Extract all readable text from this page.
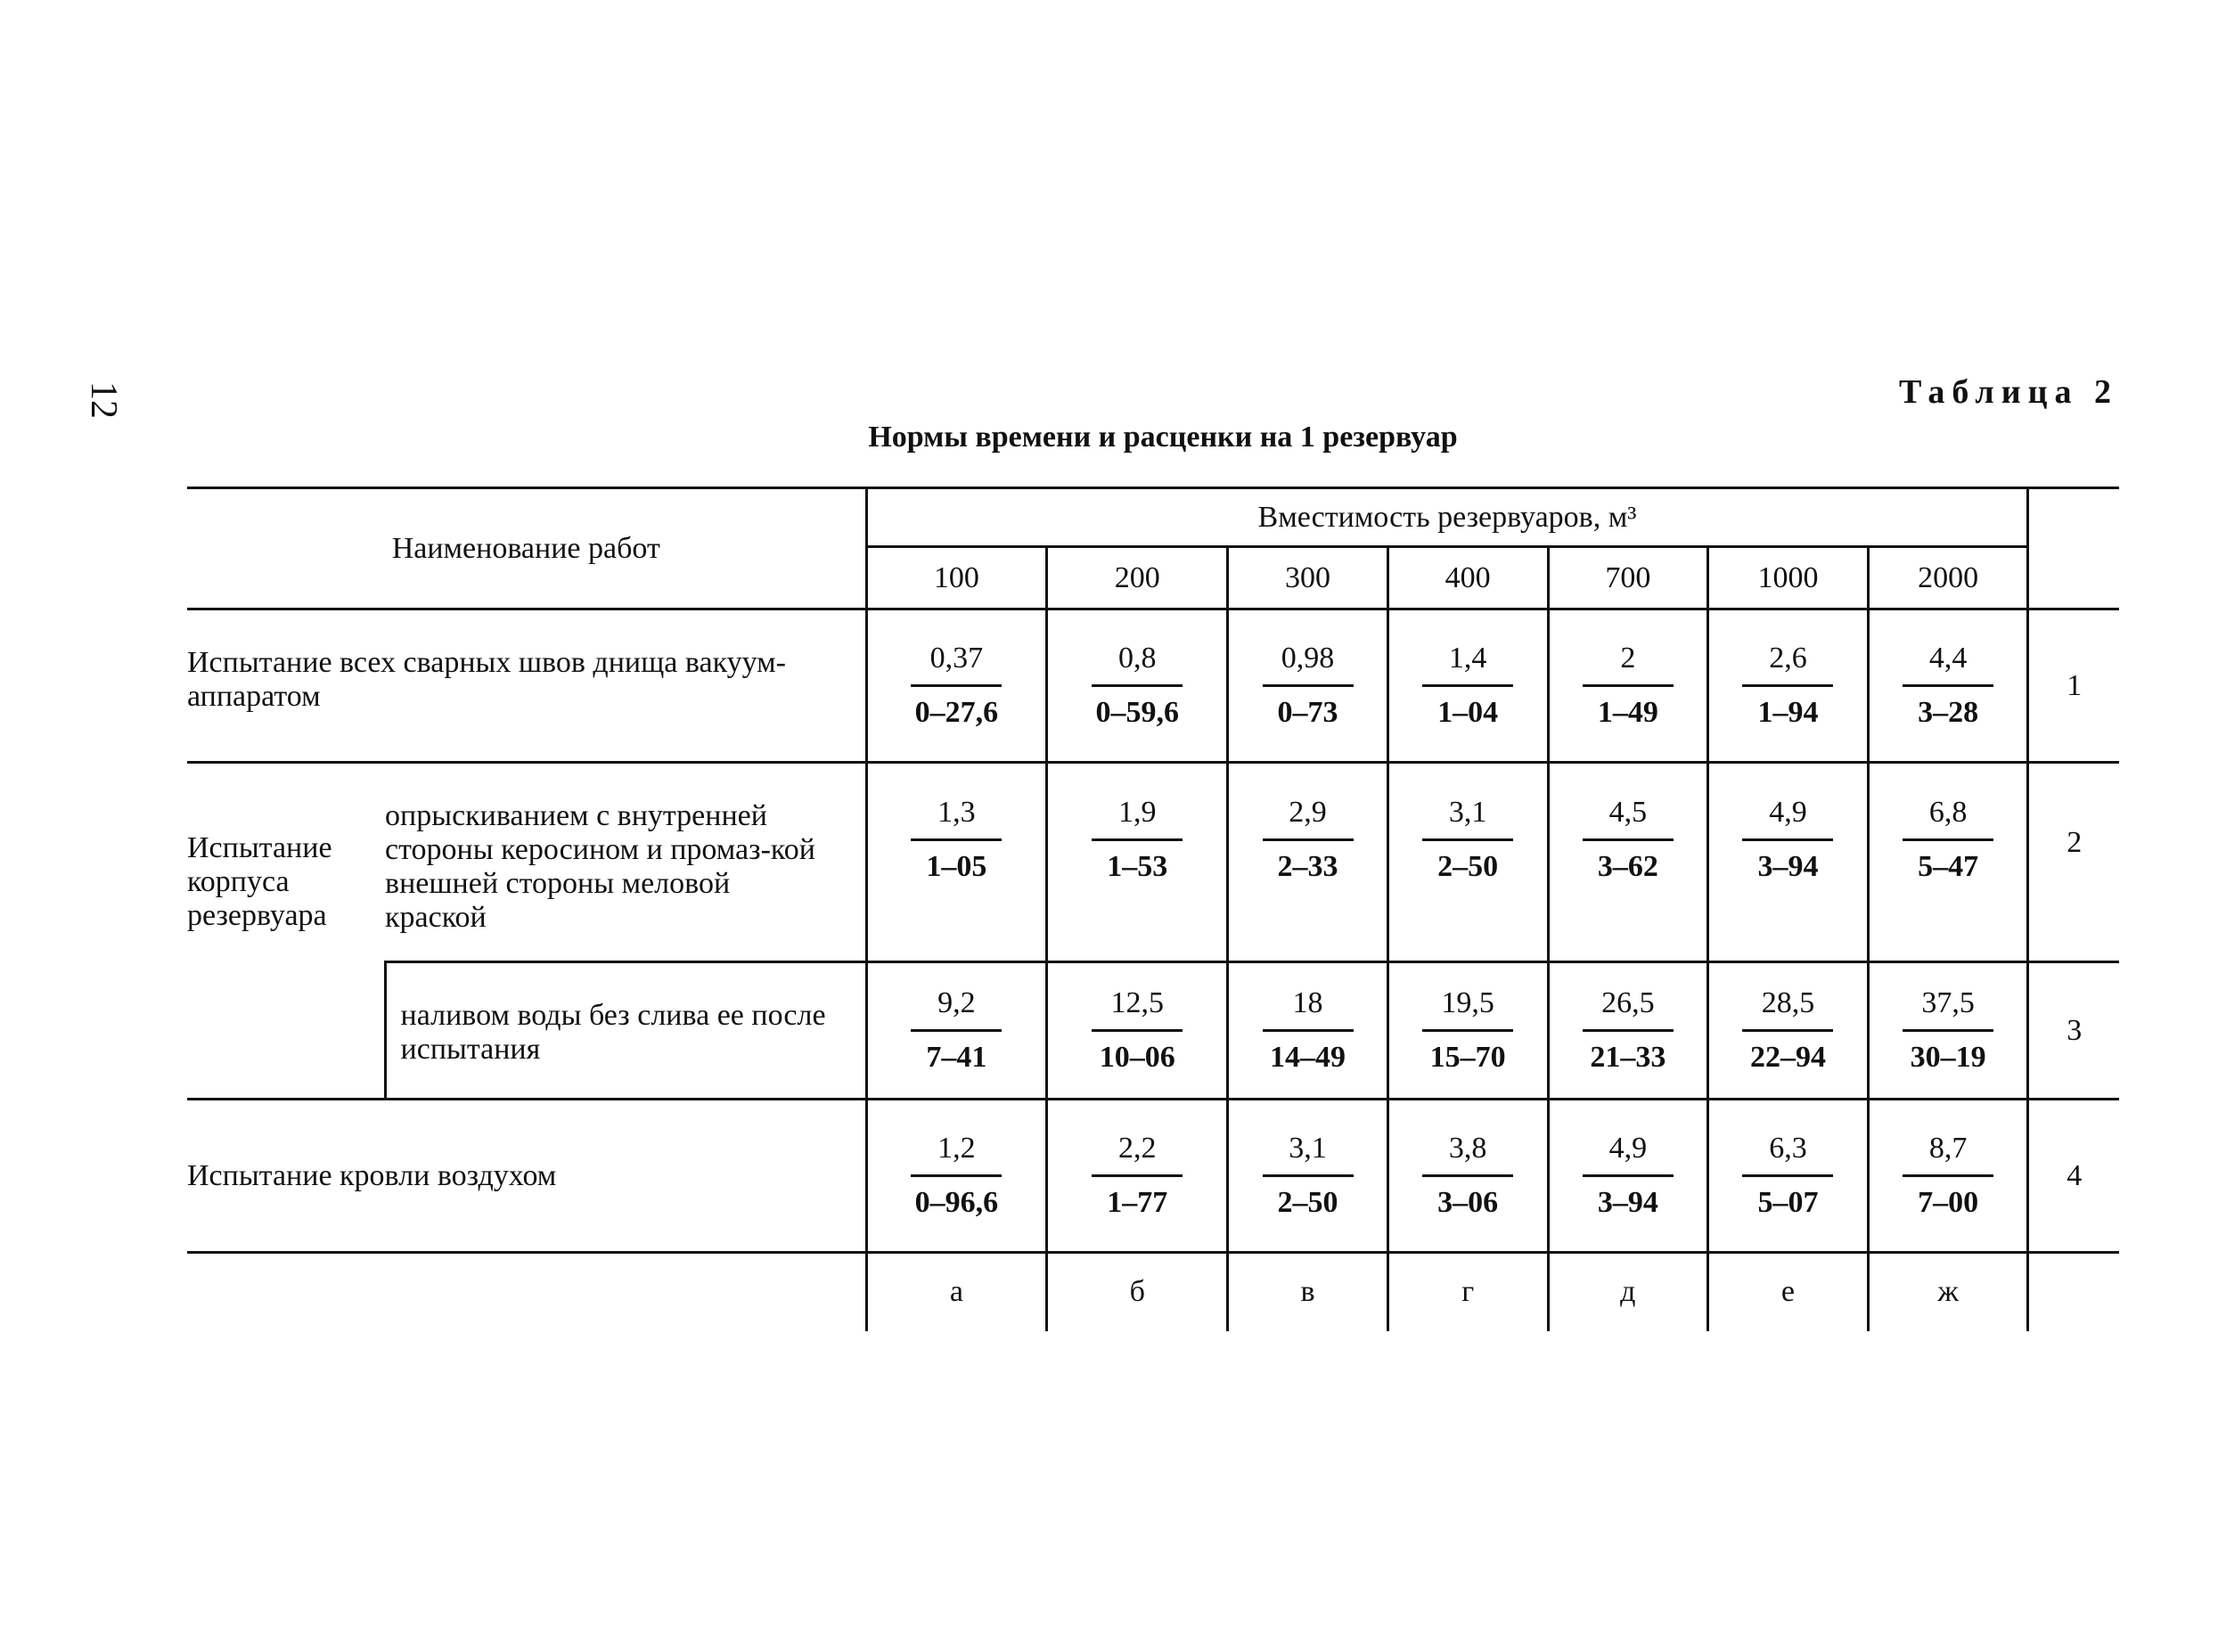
12	Таблица 2
Нормы времени и расценки на 1 резервуар
Наименование работ		Вместимость резервуаров, м³							
		100	200	300	400	700	1000	2000	
Испытание всех сварных швов днища вакуум-аппаратом		$\frac{0,37}{0-27,6}$	$\frac{0,8}{0-59,6}$	$\frac{0,98}{0-73}$	$\frac{1,4}{1-04}$	$\frac{2}{1-49}$	$\frac{2,6}{1-94}$	$\frac{4,4}{3-28}$	1
Испытание корпуса резервуара	опрыскиванием с внутренней стороны керосином и промаз-кой внешней стороны меловой краской	$\frac{1,3}{1-05}$	$\frac{1,9}{1-53}$	$\frac{2,9}{2-33}$	$\frac{3,1}{2-50}$	$\frac{4,5}{3-62}$	$\frac{4,9}{3-94}$	$\frac{6,8}{5-47}$	2
	наливом воды без слива ее после испытания	$\frac{9,2}{7-41}$	$\frac{12,5}{10-06}$	$\frac{18}{14-49}$	$\frac{19,5}{15-70}$	$\frac{26,5}{21-33}$	$\frac{28,5}{22-94}$	$\frac{37,5}{30-19}$	3
Испытание кровли воздухом		$\frac{1,2}{0-96,6}$	$\frac{2,2}{1-77}$	$\frac{3,1}{2-50}$	$\frac{3,8}{3-06}$	$\frac{4,9}{3-94}$	$\frac{6,3}{5-07}$	$\frac{8,7}{7-00}$	4
		а	б	в	г	д	е	ж	
